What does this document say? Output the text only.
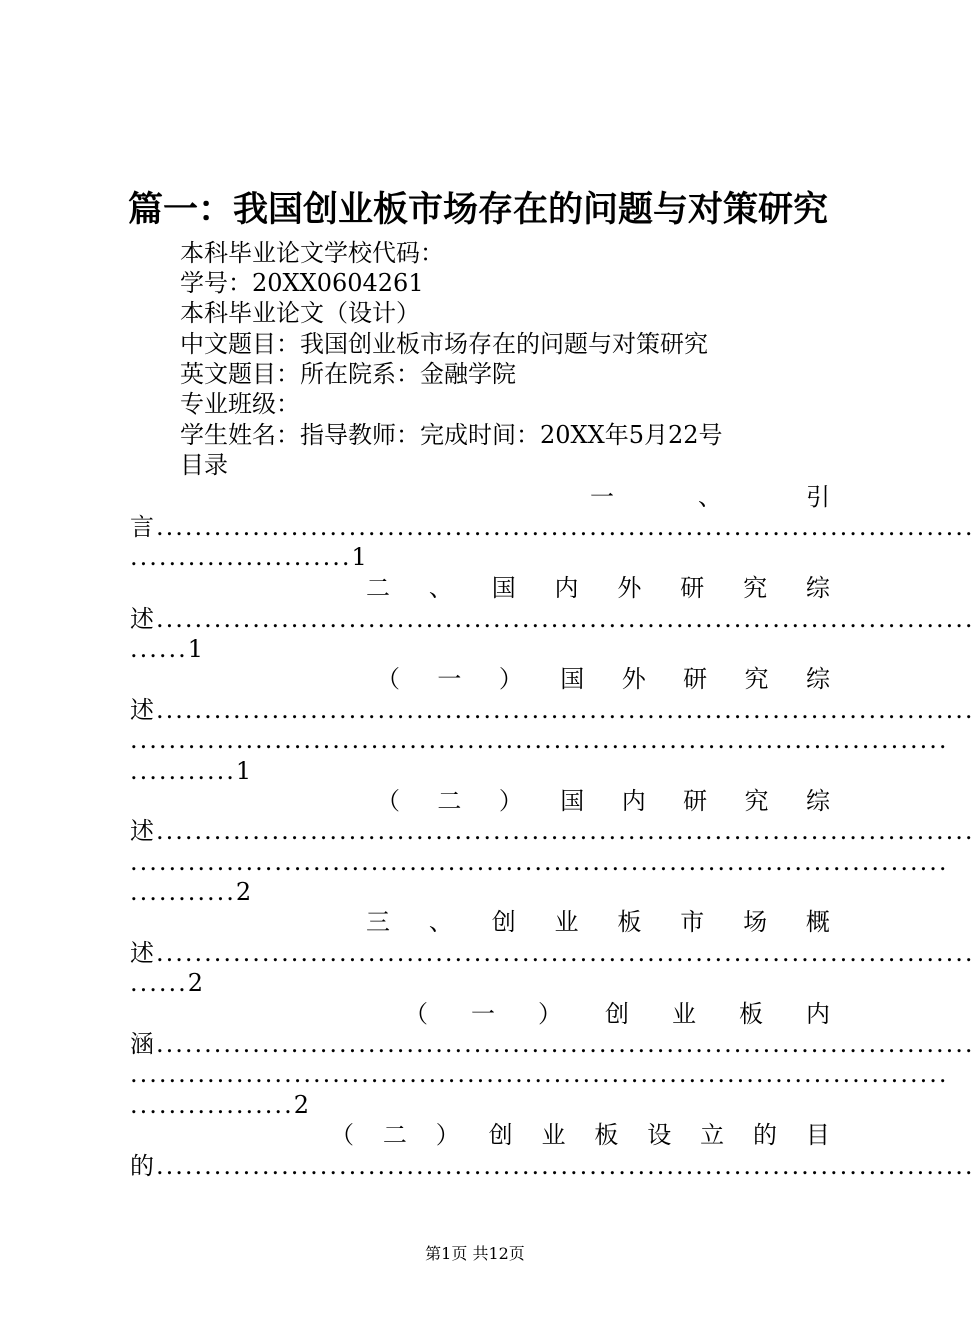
篇一：我国创业板市场存在的问题与对策研究
本科毕业论文学校代码：
学号：20XX0604261
本科毕业论文（设计）
中文题目：我国创业板市场存在的问题与对策研究
英文题目：所在院系：金融学院
专业班级：
学生姓名：指导教师：完成时间：20XX年5月22号
目录
一	、	引
言.....................................................................................
.......................1
二 、 国 内 外 研 究 综
述.....................................................................................
......1
（ 一 ） 国 外 研 究 综
述.....................................................................................
.....................................................................................
...........1
（ 二 ） 国 内 研 究 综
述.....................................................................................
.....................................................................................
...........2
三 、 创 业 板 市 场 概
述.....................................................................................
......2
（ 一 ） 创 业 板 内
涵.....................................................................................
.....................................................................................
.................2
（ 二 ） 创 业 板 设 立 的 目
的.....................................................................................
第1页 共12页
